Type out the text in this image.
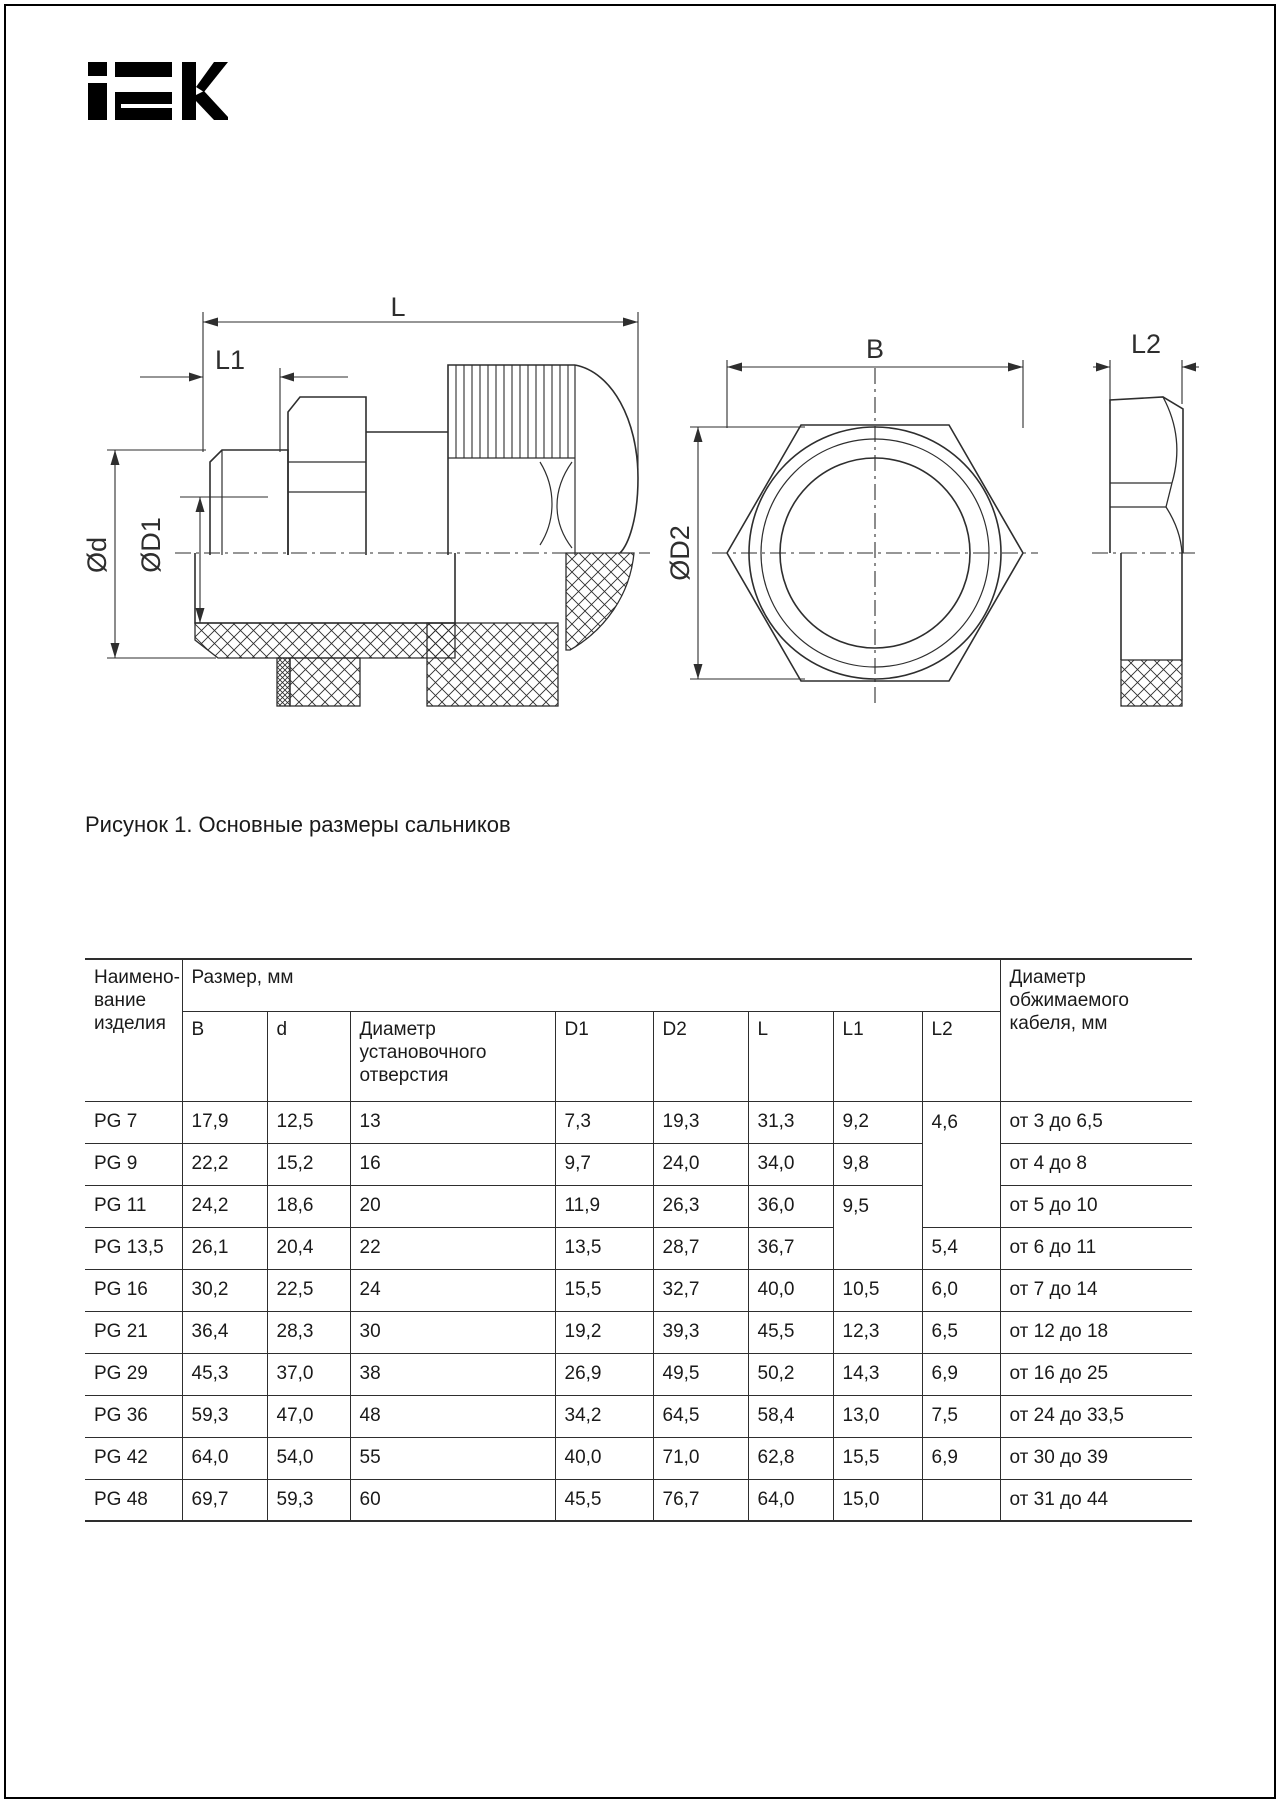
L
L1
Ød ØD1
B
ØD2
L2
Рисунок 1. Основные размеры сальников
Наимено- вание изделия	Размер, мм								Диаметр обжимаемого кабеля, мм
	B	d	Диаметр установочного отверстия	D1	D2	L	L1	L2	
PG 7	17,9	12,5	13	7,3	19,3	31,3	9,2	4,6	от 3 до 6,5
PG 9	22,2	15,2	16	9,7	24,0	34,0	9,8		от 4 до 8
PG 11	24,2	18,6	20	11,9	26,3	36,0	9,5		от 5 до 10
PG 13,5	26,1	20,4	22	13,5	28,7	36,7		5,4	от 6 до 11
PG 16	30,2	22,5	24	15,5	32,7	40,0	10,5	6,0	от 7 до 14
PG 21	36,4	28,3	30	19,2	39,3	45,5	12,3	6,5	от 12 до 18
PG 29	45,3	37,0	38	26,9	49,5	50,2	14,3	6,9	от 16 до 25
PG 36	59,3	47,0	48	34,2	64,5	58,4	13,0	7,5	от 24 до 33,5
PG 42	64,0	54,0	55	40,0	71,0	62,8	15,5	6,9	от 30 до 39
PG 48	69,7	59,3	60	45,5	76,7	64,0	15,0		от 31 до 44
